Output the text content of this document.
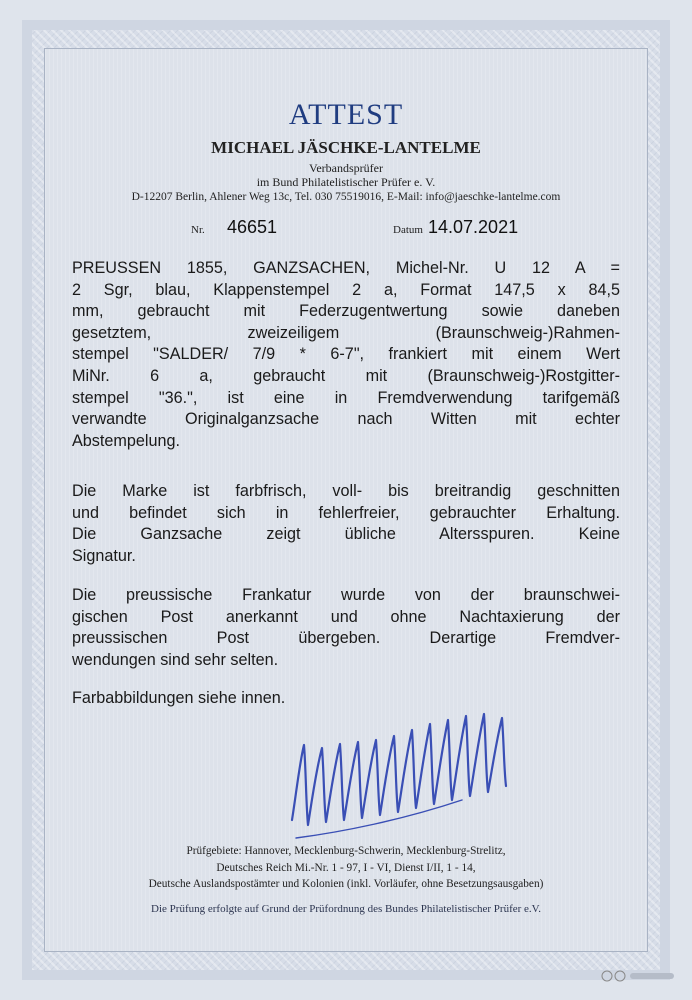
ATTEST
MICHAEL JÄSCHKE-LANTELME
Verbandsprüfer
im Bund Philatelistischer Prüfer e. V.
D-12207 Berlin, Ahlener Weg 13c, Tel. 030 75519016, E-Mail: info@jaeschke-lantelme.com
Nr. 46651	Datum 14.07.2021
PREUSSEN 1855, GANZSACHEN, Michel-Nr. U 12 A =
2 Sgr, blau, Klappenstempel 2 a, Format 147,5 x 84,5
mm, gebraucht mit Federzugentwertung sowie daneben
gesetztem, zweizeiligem (Braunschweig-)Rahmen-
stempel "SALDER/ 7/9 * 6-7", frankiert mit einem Wert
MiNr. 6 a, gebraucht mit (Braunschweig-)Rostgitter-
stempel "36.", ist eine in Fremdverwendung tarifgemäß
verwandte Originalganzsache nach Witten mit echter
Abstempelung.
Die Marke ist farbfrisch, voll- bis breitrandig geschnitten
und befindet sich in fehlerfreier, gebrauchter Erhaltung.
Die Ganzsache zeigt übliche Altersspuren. Keine
Signatur.
Die preussische Frankatur wurde von der braunschwei-
gischen Post anerkannt und ohne Nachtaxierung der
preussischen Post übergeben. Derartige Fremdver-
wendungen sind sehr selten.
Farbabbildungen siehe innen.
Prüfgebiete: Hannover, Mecklenburg-Schwerin, Mecklenburg-Strelitz,
Deutsches Reich Mi.-Nr. 1 - 97, I - VI, Dienst I/II, 1 - 14,
Deutsche Auslandspostämter und Kolonien (inkl. Vorläufer, ohne Besetzungsausgaben)
Die Prüfung erfolgte auf Grund der Prüfordnung des Bundes Philatelistischer Prüfer e.V.
